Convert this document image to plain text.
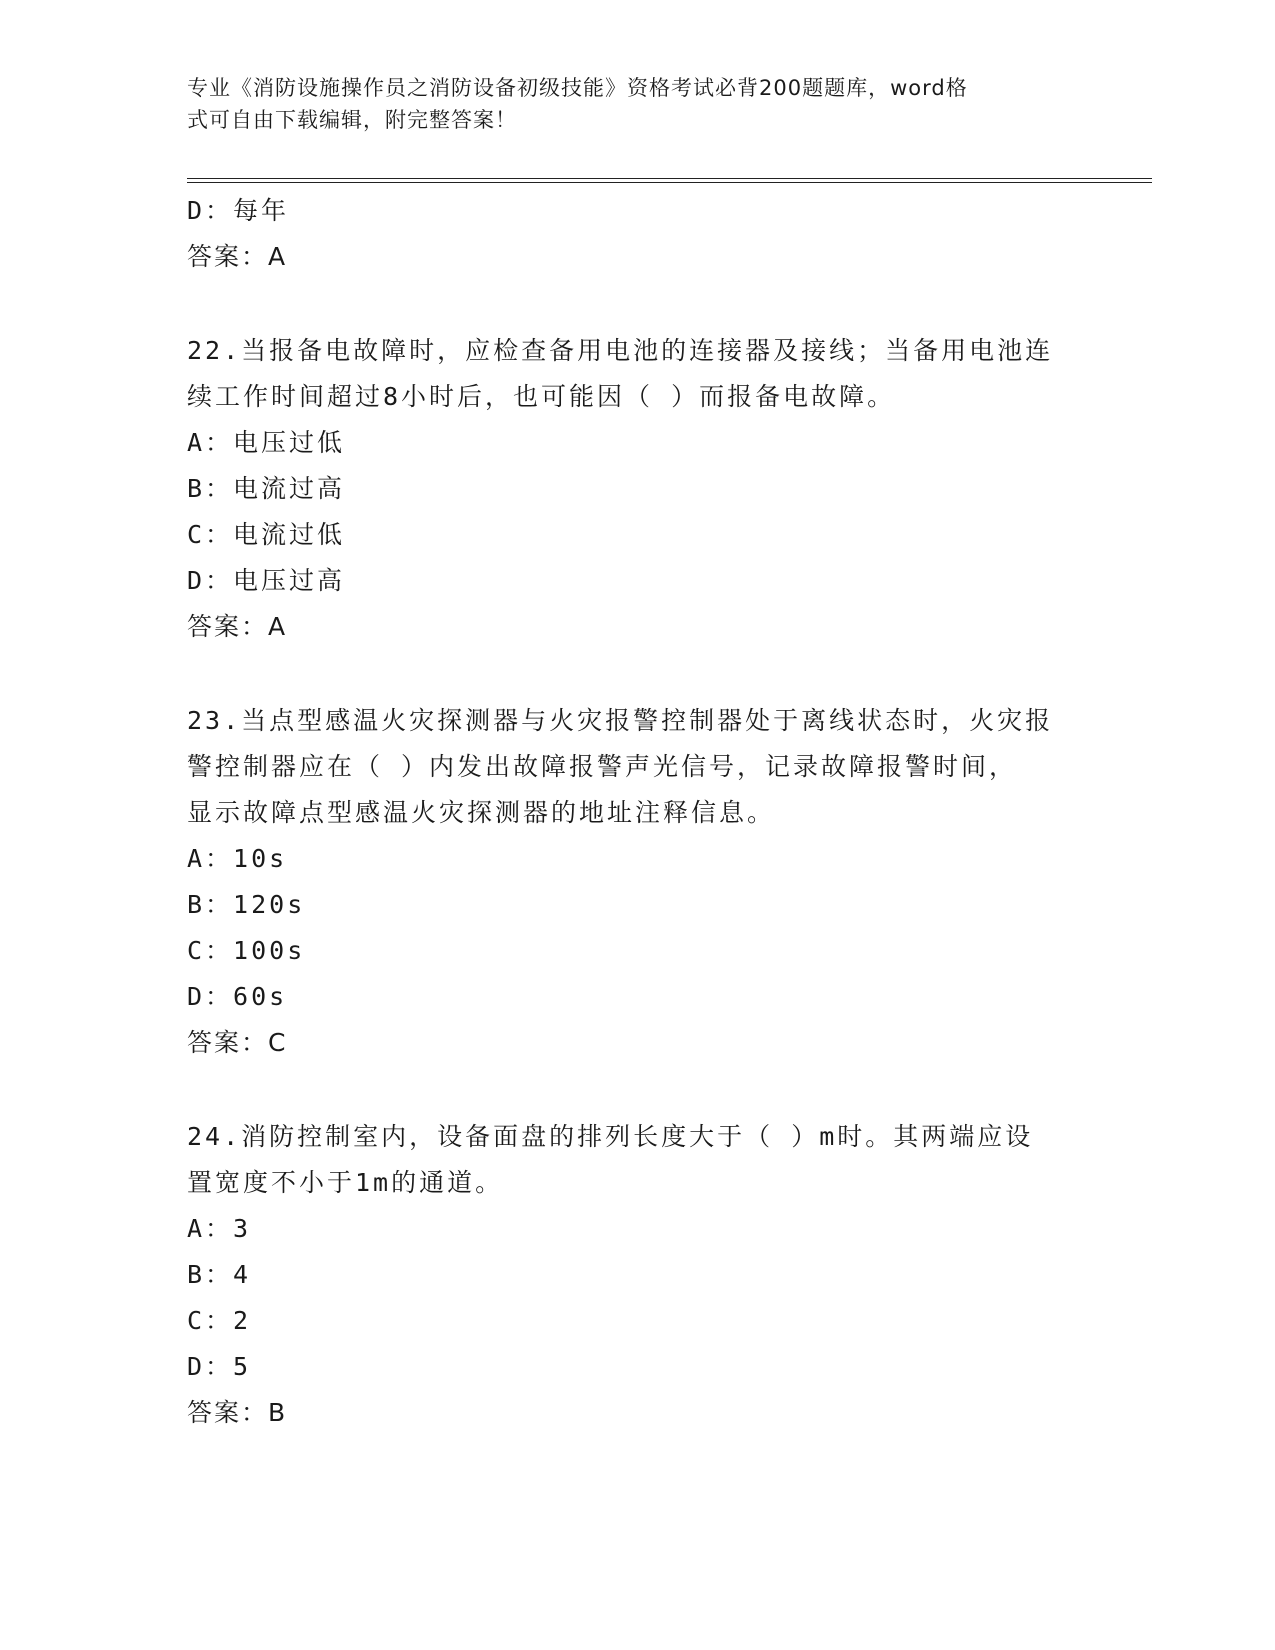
专业《消防设施操作员之消防设备初级技能》资格考试必背200题题库，word格
式可自由下载编辑，附完整答案！
D：每年
答案：A
22.当报备电故障时，应检查备用电池的连接器及接线；当备用电池连
续工作时间超过8小时后，也可能因（ ）而报备电故障。
A：电压过低
B：电流过高
C：电流过低
D：电压过高
答案：A
23.当点型感温火灾探测器与火灾报警控制器处于离线状态时，火灾报
警控制器应在（ ）内发出故障报警声光信号，记录故障报警时间，
显示故障点型感温火灾探测器的地址注释信息。
A：10s
B：120s
C：100s
D：60s
答案：C
24.消防控制室内，设备面盘的排列长度大于（ ）m时。其两端应设
置宽度不小于1m的通道。
A：3
B：4
C：2
D：5
答案：B
